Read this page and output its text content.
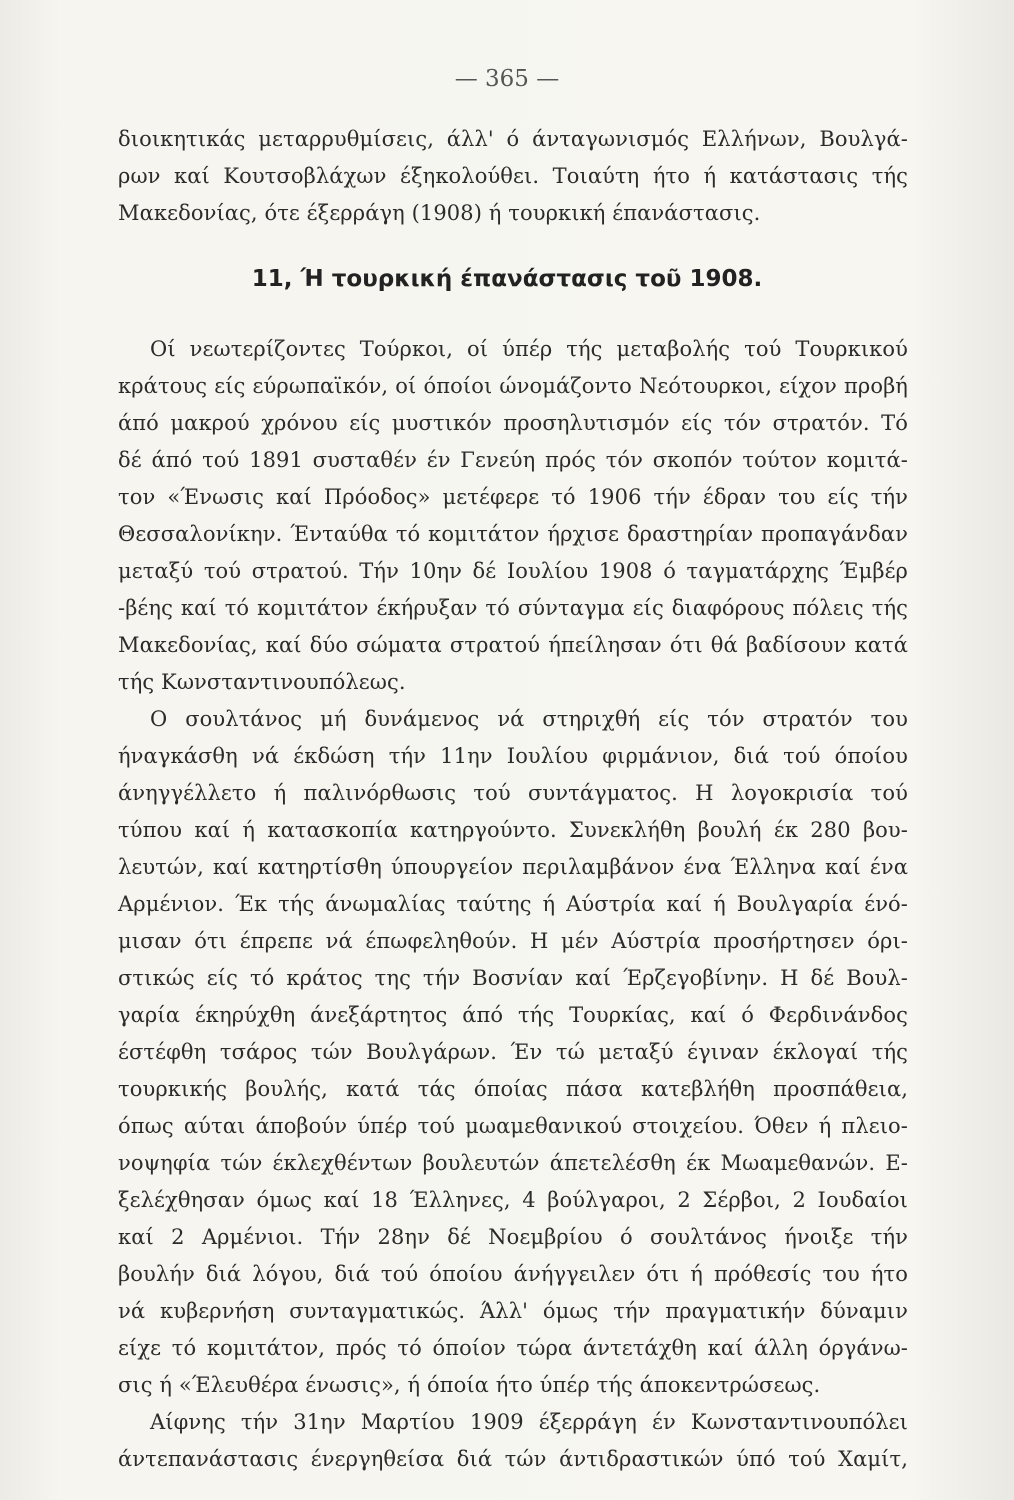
— 365 —
διοικητικάς μεταρρυθμίσεις, άλλ' ό άνταγωνισμός Ελλήνων, Βουλγά-
ρων καί Κουτσοβλάχων έξηκολούθει. Τοιαύτη ήτο ή κατάστασις τής
Μακεδονίας, ότε έξερράγη (1908) ή τουρκική έπανάστασις.
11, Ή τουρκική έπανάστασις τοῦ 1908.
Οί νεωτερίζοντες Τούρκοι, οί ύπέρ τής μεταβολής τού Τουρκικού
κράτους είς εύρωπαϊκόν, οί όποίοι ώνομάζοντο Νεότουρκοι, είχον προβή
άπό μακρού χρόνου είς μυστικόν προσηλυτισμόν είς τόν στρατόν. Τό
δέ άπό τού 1891 συσταθέν έν Γενεύη πρός τόν σκοπόν τούτον κομιτά-
τον «Ένωσις καί Πρόοδος» μετέφερε τό 1906 τήν έδραν του είς τήν
Θεσσαλονίκην. Ένταύθα τό κομιτάτον ήρχισε δραστηρίαν προπαγάνδαν
μεταξύ τού στρατού. Τήν 10ην δέ Ιουλίου 1908 ό ταγματάρχης Έμβέρ
-βέης καί τό κομιτάτον έκήρυξαν τό σύνταγμα είς διαφόρους πόλεις τής
Μακεδονίας, καί δύο σώματα στρατού ήπείλησαν ότι θά βαδίσουν κατά
τής Κωνσταντινουπόλεως.
Ο σουλτάνος μή δυνάμενος νά στηριχθή είς τόν στρατόν του
ήναγκάσθη νά έκδώση τήν 11ην Ιουλίου φιρμάνιον, διά τού όποίου
άνηγγέλλετο ή παλινόρθωσις τού συντάγματος. Η λογοκρισία τού
τύπου καί ή κατασκοπία κατηργούντο. Συνεκλήθη βουλή έκ 280 βου-
λευτών, καί κατηρτίσθη ύπουργείον περιλαμβάνον ένα Έλληνα καί ένα
Αρμένιον. Έκ τής άνωμαλίας ταύτης ή Αύστρία καί ή Βουλγαρία ένό-
μισαν ότι έπρεπε νά έπωφεληθούν. Η μέν Αύστρία προσήρτησεν όρι-
στικώς είς τό κράτος της τήν Βοσνίαν καί Έρζεγοβίνην. Η δέ Βουλ-
γαρία έκηρύχθη άνεξάρτητος άπό τής Τουρκίας, καί ό Φερδινάνδος
έστέφθη τσάρος τών Βουλγάρων. Έν τώ μεταξύ έγιναν έκλογαί τής
τουρκικής βουλής, κατά τάς όποίας πάσα κατεβλήθη προσπάθεια,
όπως αύται άποβούν ύπέρ τού μωαμεθανικού στοιχείου. Όθεν ή πλειο-
νοψηφία τών έκλεχθέντων βουλευτών άπετελέσθη έκ Μωαμεθανών. Ε-
ξελέχθησαν όμως καί 18 Έλληνες, 4 βούλγαροι, 2 Σέρβοι, 2 Ιουδαίοι
καί 2 Αρμένιοι. Τήν 28ην δέ Νοεμβρίου ό σουλτάνος ήνοιξε τήν
βουλήν διά λόγου, διά τού όποίου άνήγγειλεν ότι ή πρόθεσίς του ήτο
νά κυβερνήση συνταγματικώς. Άλλ' όμως τήν πραγματικήν δύναμιν
είχε τό κομιτάτον, πρός τό όποίον τώρα άντετάχθη καί άλλη όργάνω-
σις ή «Έλευθέρα ένωσις», ή όποία ήτο ύπέρ τής άποκεντρώσεως.
Αίφνης τήν 31ην Μαρτίου 1909 έξερράγη έν Κωνσταντινουπόλει
άντεπανάστασις ένεργηθείσα διά τών άντιδραστικών ύπό τού Χαμίτ,
